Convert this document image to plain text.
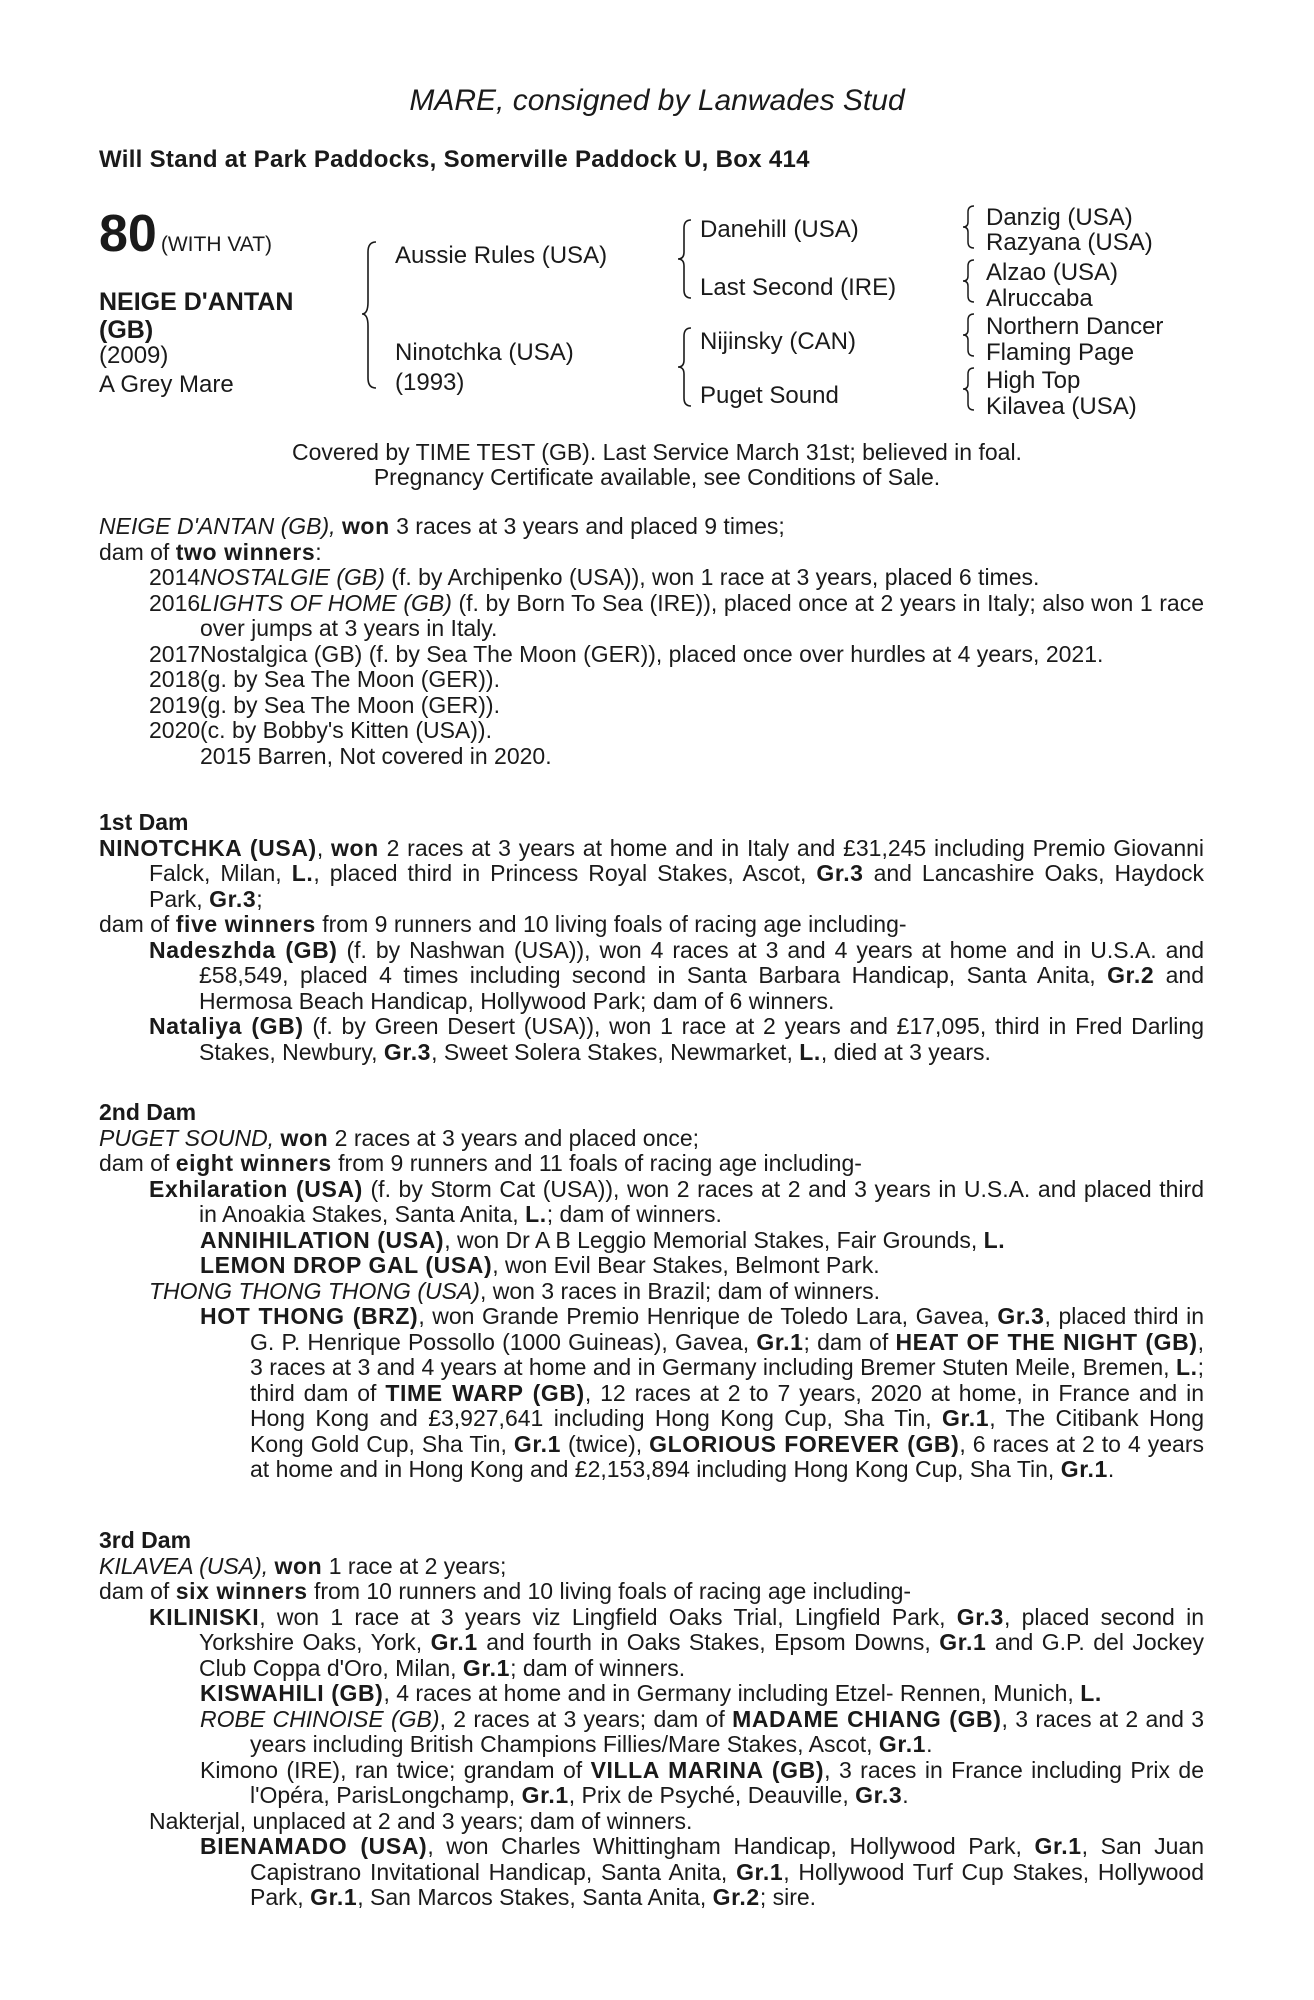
MARE, consigned by Lanwades Stud
Will Stand at Park Paddocks, Somerville Paddock U, Box 414
80 (WITH VAT)
NEIGE D'ANTAN (GB)
(2009)
A Grey Mare
Aussie Rules (USA)
Ninotchka (USA)
(1993)
Danehill (USA)
Last Second (IRE)
Nijinsky (CAN)
Puget Sound
Danzig (USA)
Razyana (USA)
Alzao (USA)
Alruccaba
Northern Dancer
Flaming Page
High Top
Kilavea (USA)
Covered by TIME TEST (GB). Last Service March 31st; believed in foal.
Pregnancy Certificate available, see Conditions of Sale.
NEIGE D'ANTAN (GB), won 3 races at 3 years and placed 9 times;
dam of two winners:
2014 NOSTALGIE (GB) (f. by Archipenko (USA)), won 1 race at 3 years, placed 6 times.
2016 LIGHTS OF HOME (GB) (f. by Born To Sea (IRE)), placed once at 2 years in Italy; also won 1 race over jumps at 3 years in Italy.
2017 Nostalgica (GB) (f. by Sea The Moon (GER)), placed once over hurdles at 4 years, 2021.
2018 (g. by Sea The Moon (GER)).
2019 (g. by Sea The Moon (GER)).
2020 (c. by Bobby's Kitten (USA)).
2015 Barren, Not covered in 2020.
1st Dam
NINOTCHKA (USA), won 2 races at 3 years at home and in Italy and £31,245 including Premio Giovanni Falck, Milan, L., placed third in Princess Royal Stakes, Ascot, Gr.3 and Lancashire Oaks, Haydock Park, Gr.3;
dam of five winners from 9 runners and 10 living foals of racing age including-
Nadeszhda (GB) (f. by Nashwan (USA)), won 4 races at 3 and 4 years at home and in U.S.A. and £58,549, placed 4 times including second in Santa Barbara Handicap, Santa Anita, Gr.2 and Hermosa Beach Handicap, Hollywood Park; dam of 6 winners.
Nataliya (GB) (f. by Green Desert (USA)), won 1 race at 2 years and £17,095, third in Fred Darling Stakes, Newbury, Gr.3, Sweet Solera Stakes, Newmarket, L., died at 3 years.
2nd Dam
PUGET SOUND, won 2 races at 3 years and placed once;
dam of eight winners from 9 runners and 11 foals of racing age including-
Exhilaration (USA) (f. by Storm Cat (USA)), won 2 races at 2 and 3 years in U.S.A. and placed third in Anoakia Stakes, Santa Anita, L.; dam of winners.
ANNIHILATION (USA), won Dr A B Leggio Memorial Stakes, Fair Grounds, L.
LEMON DROP GAL (USA), won Evil Bear Stakes, Belmont Park.
THONG THONG THONG (USA), won 3 races in Brazil; dam of winners.
HOT THONG (BRZ), won Grande Premio Henrique de Toledo Lara, Gavea, Gr.3, placed third in G. P. Henrique Possollo (1000 Guineas), Gavea, Gr.1; dam of HEAT OF THE NIGHT (GB), 3 races at 3 and 4 years at home and in Germany including Bremer Stuten Meile, Bremen, L.; third dam of TIME WARP (GB), 12 races at 2 to 7 years, 2020 at home, in France and in Hong Kong and £3,927,641 including Hong Kong Cup, Sha Tin, Gr.1, The Citibank Hong Kong Gold Cup, Sha Tin, Gr.1 (twice), GLORIOUS FOREVER (GB), 6 races at 2 to 4 years at home and in Hong Kong and £2,153,894 including Hong Kong Cup, Sha Tin, Gr.1.
3rd Dam
KILAVEA (USA), won 1 race at 2 years;
dam of six winners from 10 runners and 10 living foals of racing age including-
KILINISKI, won 1 race at 3 years viz Lingfield Oaks Trial, Lingfield Park, Gr.3, placed second in Yorkshire Oaks, York, Gr.1 and fourth in Oaks Stakes, Epsom Downs, Gr.1 and G.P. del Jockey Club Coppa d'Oro, Milan, Gr.1; dam of winners.
KISWAHILI (GB), 4 races at home and in Germany including Etzel- Rennen, Munich, L.
ROBE CHINOISE (GB), 2 races at 3 years; dam of MADAME CHIANG (GB), 3 races at 2 and 3 years including British Champions Fillies/Mare Stakes, Ascot, Gr.1.
Kimono (IRE), ran twice; grandam of VILLA MARINA (GB), 3 races in France including Prix de l'Opéra, ParisLongchamp, Gr.1, Prix de Psyché, Deauville, Gr.3.
Nakterjal, unplaced at 2 and 3 years; dam of winners.
BIENAMADO (USA), won Charles Whittingham Handicap, Hollywood Park, Gr.1, San Juan Capistrano Invitational Handicap, Santa Anita, Gr.1, Hollywood Turf Cup Stakes, Hollywood Park, Gr.1, San Marcos Stakes, Santa Anita, Gr.2; sire.
